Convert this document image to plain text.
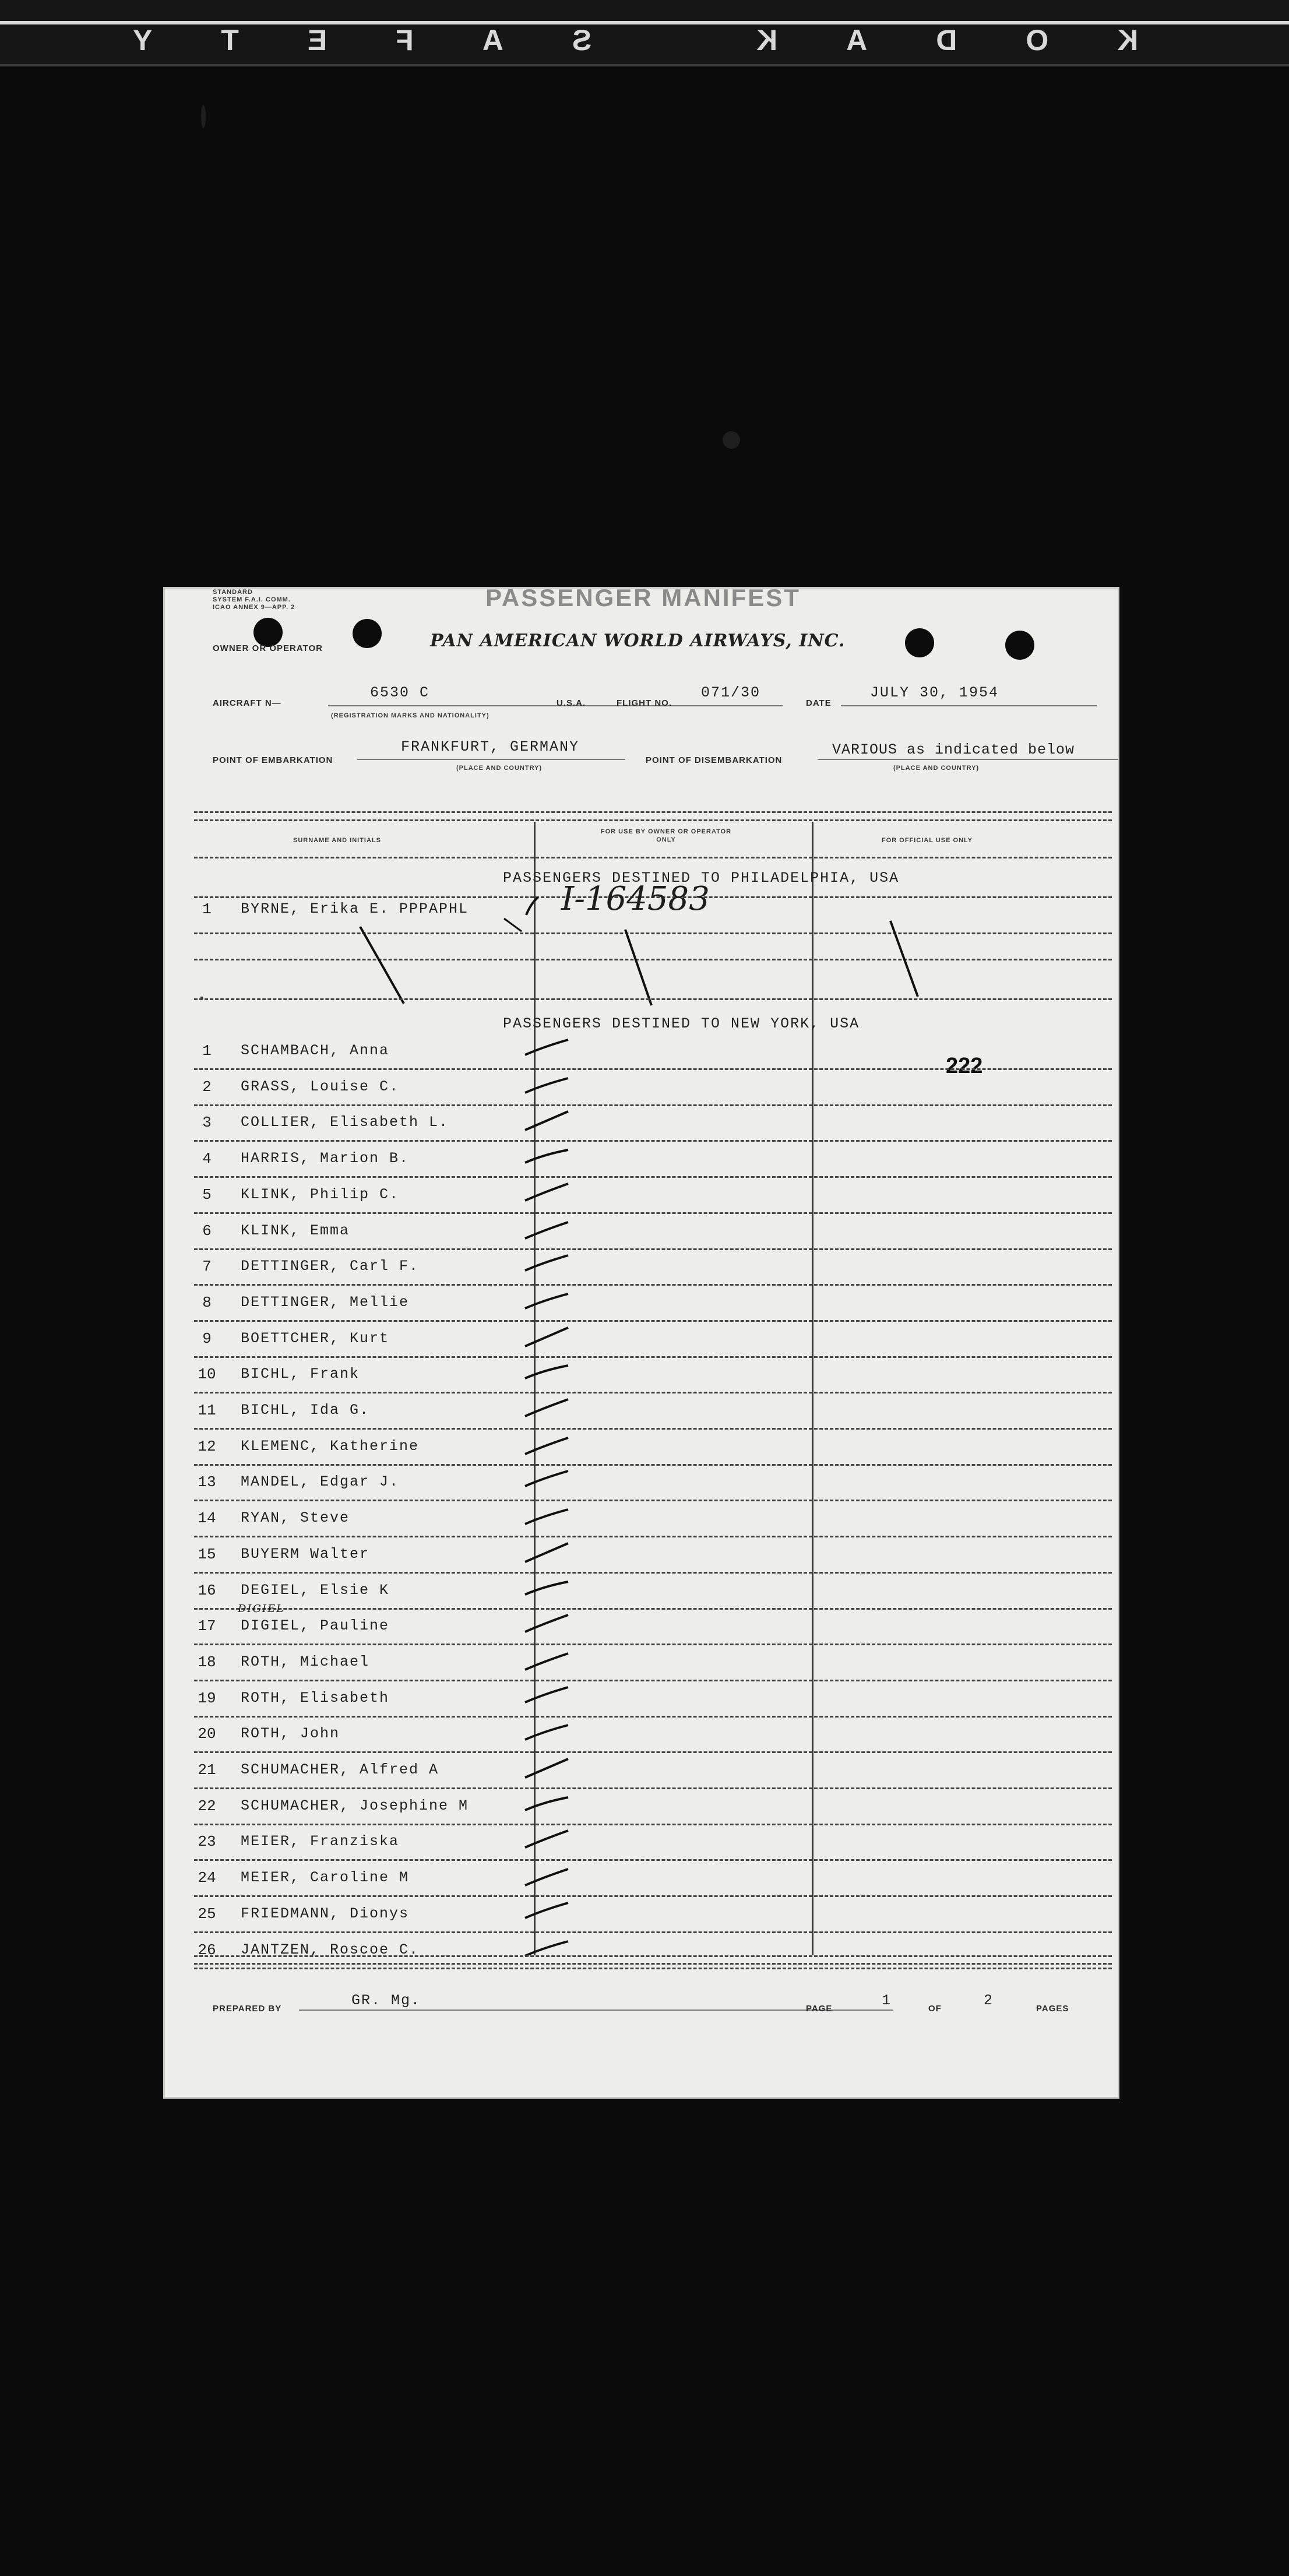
SAFETY	KODAK
STANDARD
SYSTEM F.A.I. COMM.
ICAO ANNEX 9—APP. 2	PASSENGER MANIFEST
OWNER OR OPERATOR	PAN AMERICAN WORLD AIRWAYS, INC.
AIRCRAFT N—
6530 C
(REGISTRATION MARKS AND NATIONALITY)
U.S.A.	FLIGHT NO.
071/30
DATE
JULY 30, 1954
POINT OF EMBARKATION
FRANKFURT, GERMANY
(PLACE AND COUNTRY)
POINT OF DISEMBARKATION
VARIOUS as indicated below
(PLACE AND COUNTRY)
SURNAME AND INITIALS
FOR USE BY OWNER OR OPERATOR ONLY	FOR OFFICIAL USE ONLY
PASSENGERS DESTINED TO PHILADELPHIA, USA
1	BYRNE, Erika E. PPPAPHL	I-164583
▪
PASSENGERS DESTINED TO NEW YORK, USA
222
1	SCHAMBACH, Anna
2	GRASS, Louise C.
3	COLLIER, Elisabeth L.
4	HARRIS, Marion B.
5	KLINK, Philip C.
6	KLINK, Emma
7	DETTINGER, Carl F.
8	DETTINGER, Mellie
9	BOETTCHER, Kurt
10 BICHL, Frank
11 BICHL, Ida G.
12 KLEMENC, Katherine
13 MANDEL, Edgar J.
14 RYAN, Steve
15 BUYERM Walter
16 DEGIEL, Elsie K
17 DIGIEL, Pauline
18 ROTH, Michael
19 ROTH, Elisabeth
20 ROTH, John
21 SCHUMACHER, Alfred A
22 SCHUMACHER, Josephine M
23 MEIER, Franziska
24 MEIER, Caroline M
25 FRIEDMANN, Dionys
26 JANTZEN, Roscoe C.
DIGIEL
PREPARED BY	GR. Mg.	PAGE	1	OF	2	PAGES
